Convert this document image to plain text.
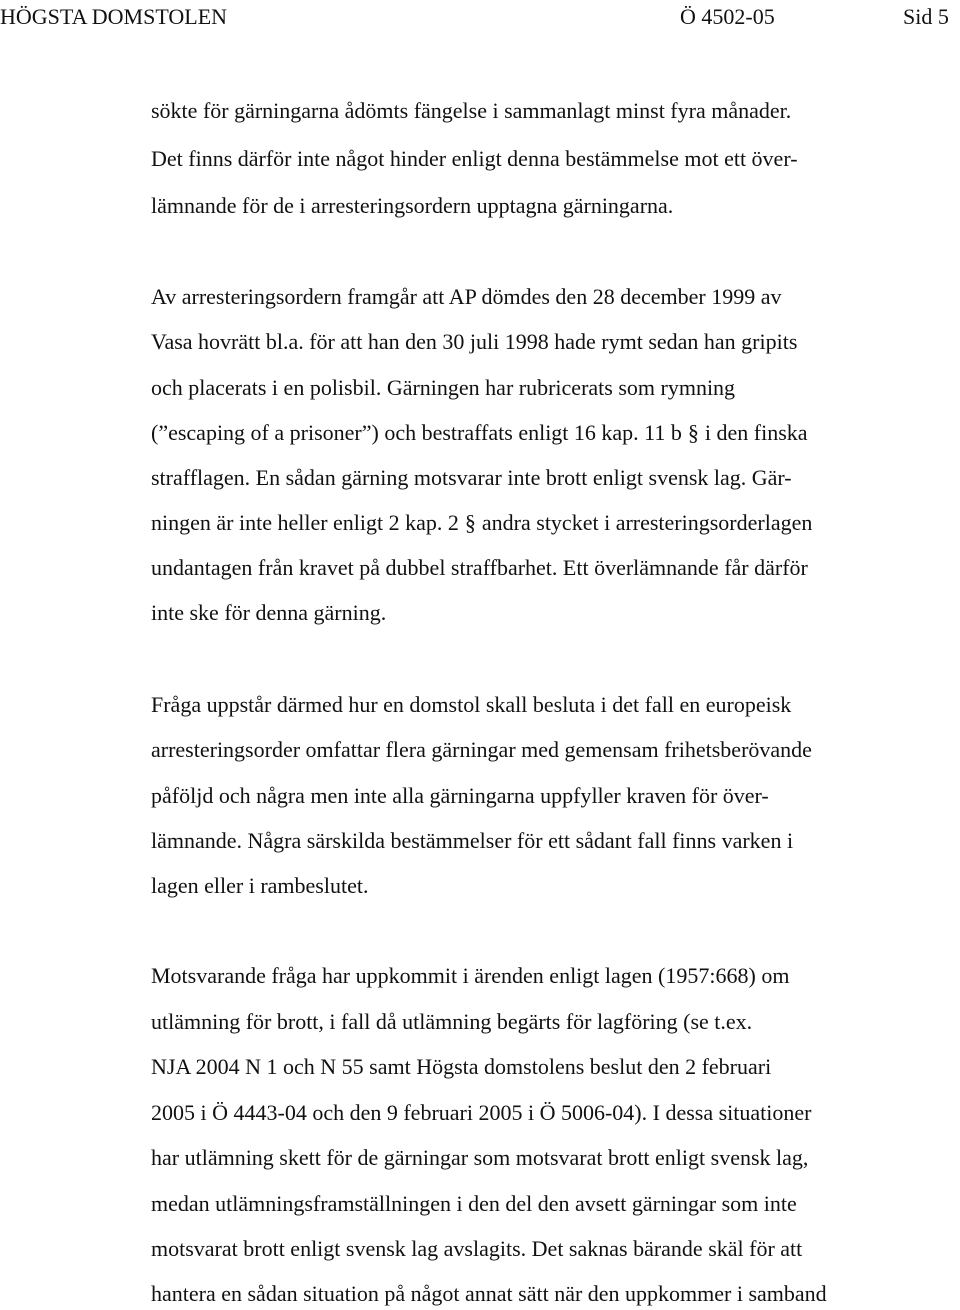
HÖGSTA DOMSTOLEN	Ö 4502-05	Sid 5
sökte för gärningarna ådömts fängelse i sammanlagt minst fyra månader.
Det finns därför inte något hinder enligt denna bestämmelse mot ett över-
lämnande för de i arresteringsordern upptagna gärningarna.
Av arresteringsordern framgår att AP dömdes den 28 december 1999 av
Vasa hovrätt bl.a. för att han den 30 juli 1998 hade rymt sedan han gripits
och placerats i en polisbil. Gärningen har rubricerats som rymning
(”escaping of a prisoner”) och bestraffats enligt 16 kap. 11 b § i den finska
strafflagen. En sådan gärning motsvarar inte brott enligt svensk lag. Gär-
ningen är inte heller enligt 2 kap. 2 § andra stycket i arresteringsorderlagen
undantagen från kravet på dubbel straffbarhet. Ett överlämnande får därför
inte ske för denna gärning.
Fråga uppstår därmed hur en domstol skall besluta i det fall en europeisk
arresteringsorder omfattar flera gärningar med gemensam frihetsberövande
påföljd och några men inte alla gärningarna uppfyller kraven för över-
lämnande. Några särskilda bestämmelser för ett sådant fall finns varken i
lagen eller i rambeslutet.
Motsvarande fråga har uppkommit i ärenden enligt lagen (1957:668) om
utlämning för brott, i fall då utlämning begärts för lagföring (se t.ex.
NJA 2004 N 1 och N 55 samt Högsta domstolens beslut den 2 februari
2005 i Ö 4443-04 och den 9 februari 2005 i Ö 5006-04). I dessa situationer
har utlämning skett för de gärningar som motsvarat brott enligt svensk lag,
medan utlämningsframställningen i den del den avsett gärningar som inte
motsvarat brott enligt svensk lag avslagits. Det saknas bärande skäl för att
hantera en sådan situation på något annat sätt när den uppkommer i samband
